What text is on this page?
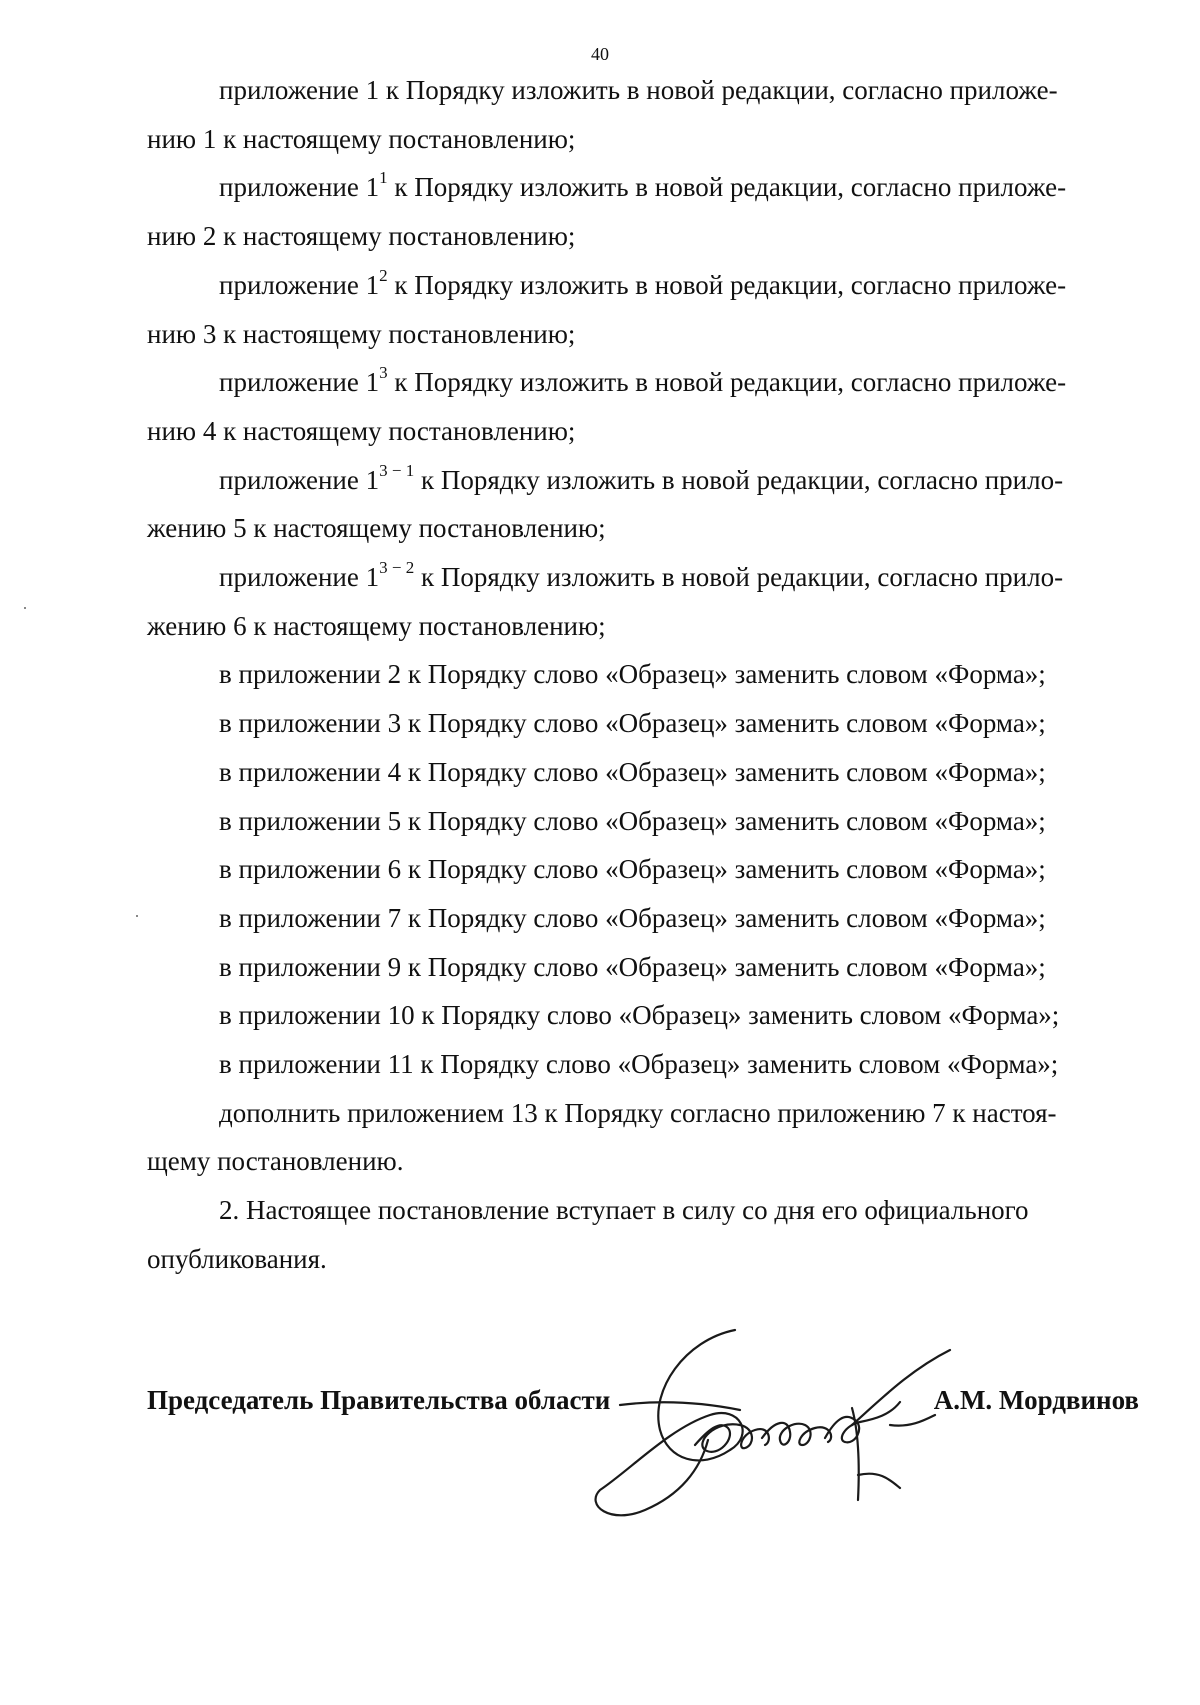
40

приложение 1 к Порядку изложить в новой редакции, согласно приложе-

нию 1 к настоящему постановлению;

приложение $1^1$ к Порядку изложить в новой редакции, согласно приложе-

нию 2 к настоящему постановлению;

приложение $1^2$ к Порядку изложить в новой редакции, согласно приложе-

нию 3 к настоящему постановлению;

приложение $1^3$ к Порядку изложить в новой редакции, согласно приложе-

нию 4 к настоящему постановлению;

приложение $1^{3 - 1}$ к Порядку изложить в новой редакции, согласно прило-

жению 5 к настоящему постановлению;

приложение $1^{3 - 2}$ к Порядку изложить в новой редакции, согласно прило-

жению 6 к настоящему постановлению;

в приложении 2 к Порядку слово «Образец» заменить словом «Форма»;

в приложении 3 к Порядку слово «Образец» заменить словом «Форма»;

в приложении 4 к Порядку слово «Образец» заменить словом «Форма»;

в приложении 5 к Порядку слово «Образец» заменить словом «Форма»;

в приложении 6 к Порядку слово «Образец» заменить словом «Форма»;

в приложении 7 к Порядку слово «Образец» заменить словом «Форма»;

в приложении 9 к Порядку слово «Образец» заменить словом «Форма»;

в приложении 10 к Порядку слово «Образец» заменить словом «Форма»;

в приложении 11 к Порядку слово «Образец» заменить словом «Форма»;

дополнить приложением 13 к Порядку согласно приложению 7 к настоя-

щему постановлению.

2. Настоящее постановление вступает в силу со дня его официального

опубликования.

Председатель Правительства области	А.М. Мордвинов
